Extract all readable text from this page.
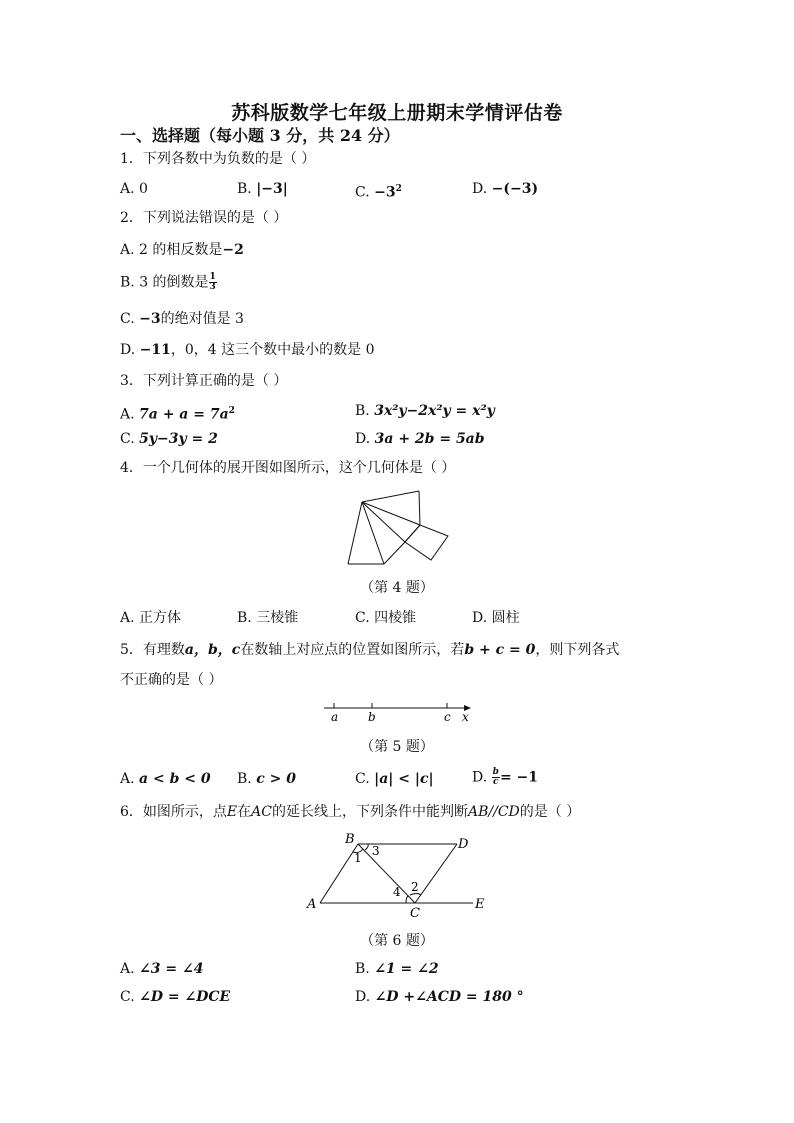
苏科版数学七年级上册期末学情评估卷
一、选择题（每小题 3 分，共 24 分）
1．下列各数中为负数的是（ ）
A. 0	B. |−3|	C. $-3^2$	D. −(−3)
2．下列说法错误的是（ ）
A. 2 的相反数是−2
B. 3 的倒数是 $\frac{1}{3}$
C. −3的绝对值是 3
D. −11，0，4 这三个数中最小的数是 0
3．下列计算正确的是（ ）
A. $7a + a = 7a^2$	B. 3x²y−2x²y = x²y
C. 5y−3y = 2	D. 3a + 2b = 5ab
4．一个几何体的展开图如图所示，这个几何体是（ ）
（第 4 题）
A. 正方体	B. 三棱锥	C. 四棱锥	D. 圆柱
5．有理数a，b，c在数轴上对应点的位置如图所示，若b + c = 0，则下列各式
不正确的是（ ）
a b	c x
（第 5 题）
A. a < b < 0 B. c > 0	C. |a| < |c|	D. $\frac{b}{c} = -1$
6．如图所示，点E在AC的延长线上，下列条件中能判断AB//CD的是（ ）
B	D
A
C
E
1 3
4 2
（第 6 题）
A. ∠3 = ∠4	B. ∠1 = ∠2
C. ∠D = ∠DCE	D. ∠D +∠ACD = 180 °
